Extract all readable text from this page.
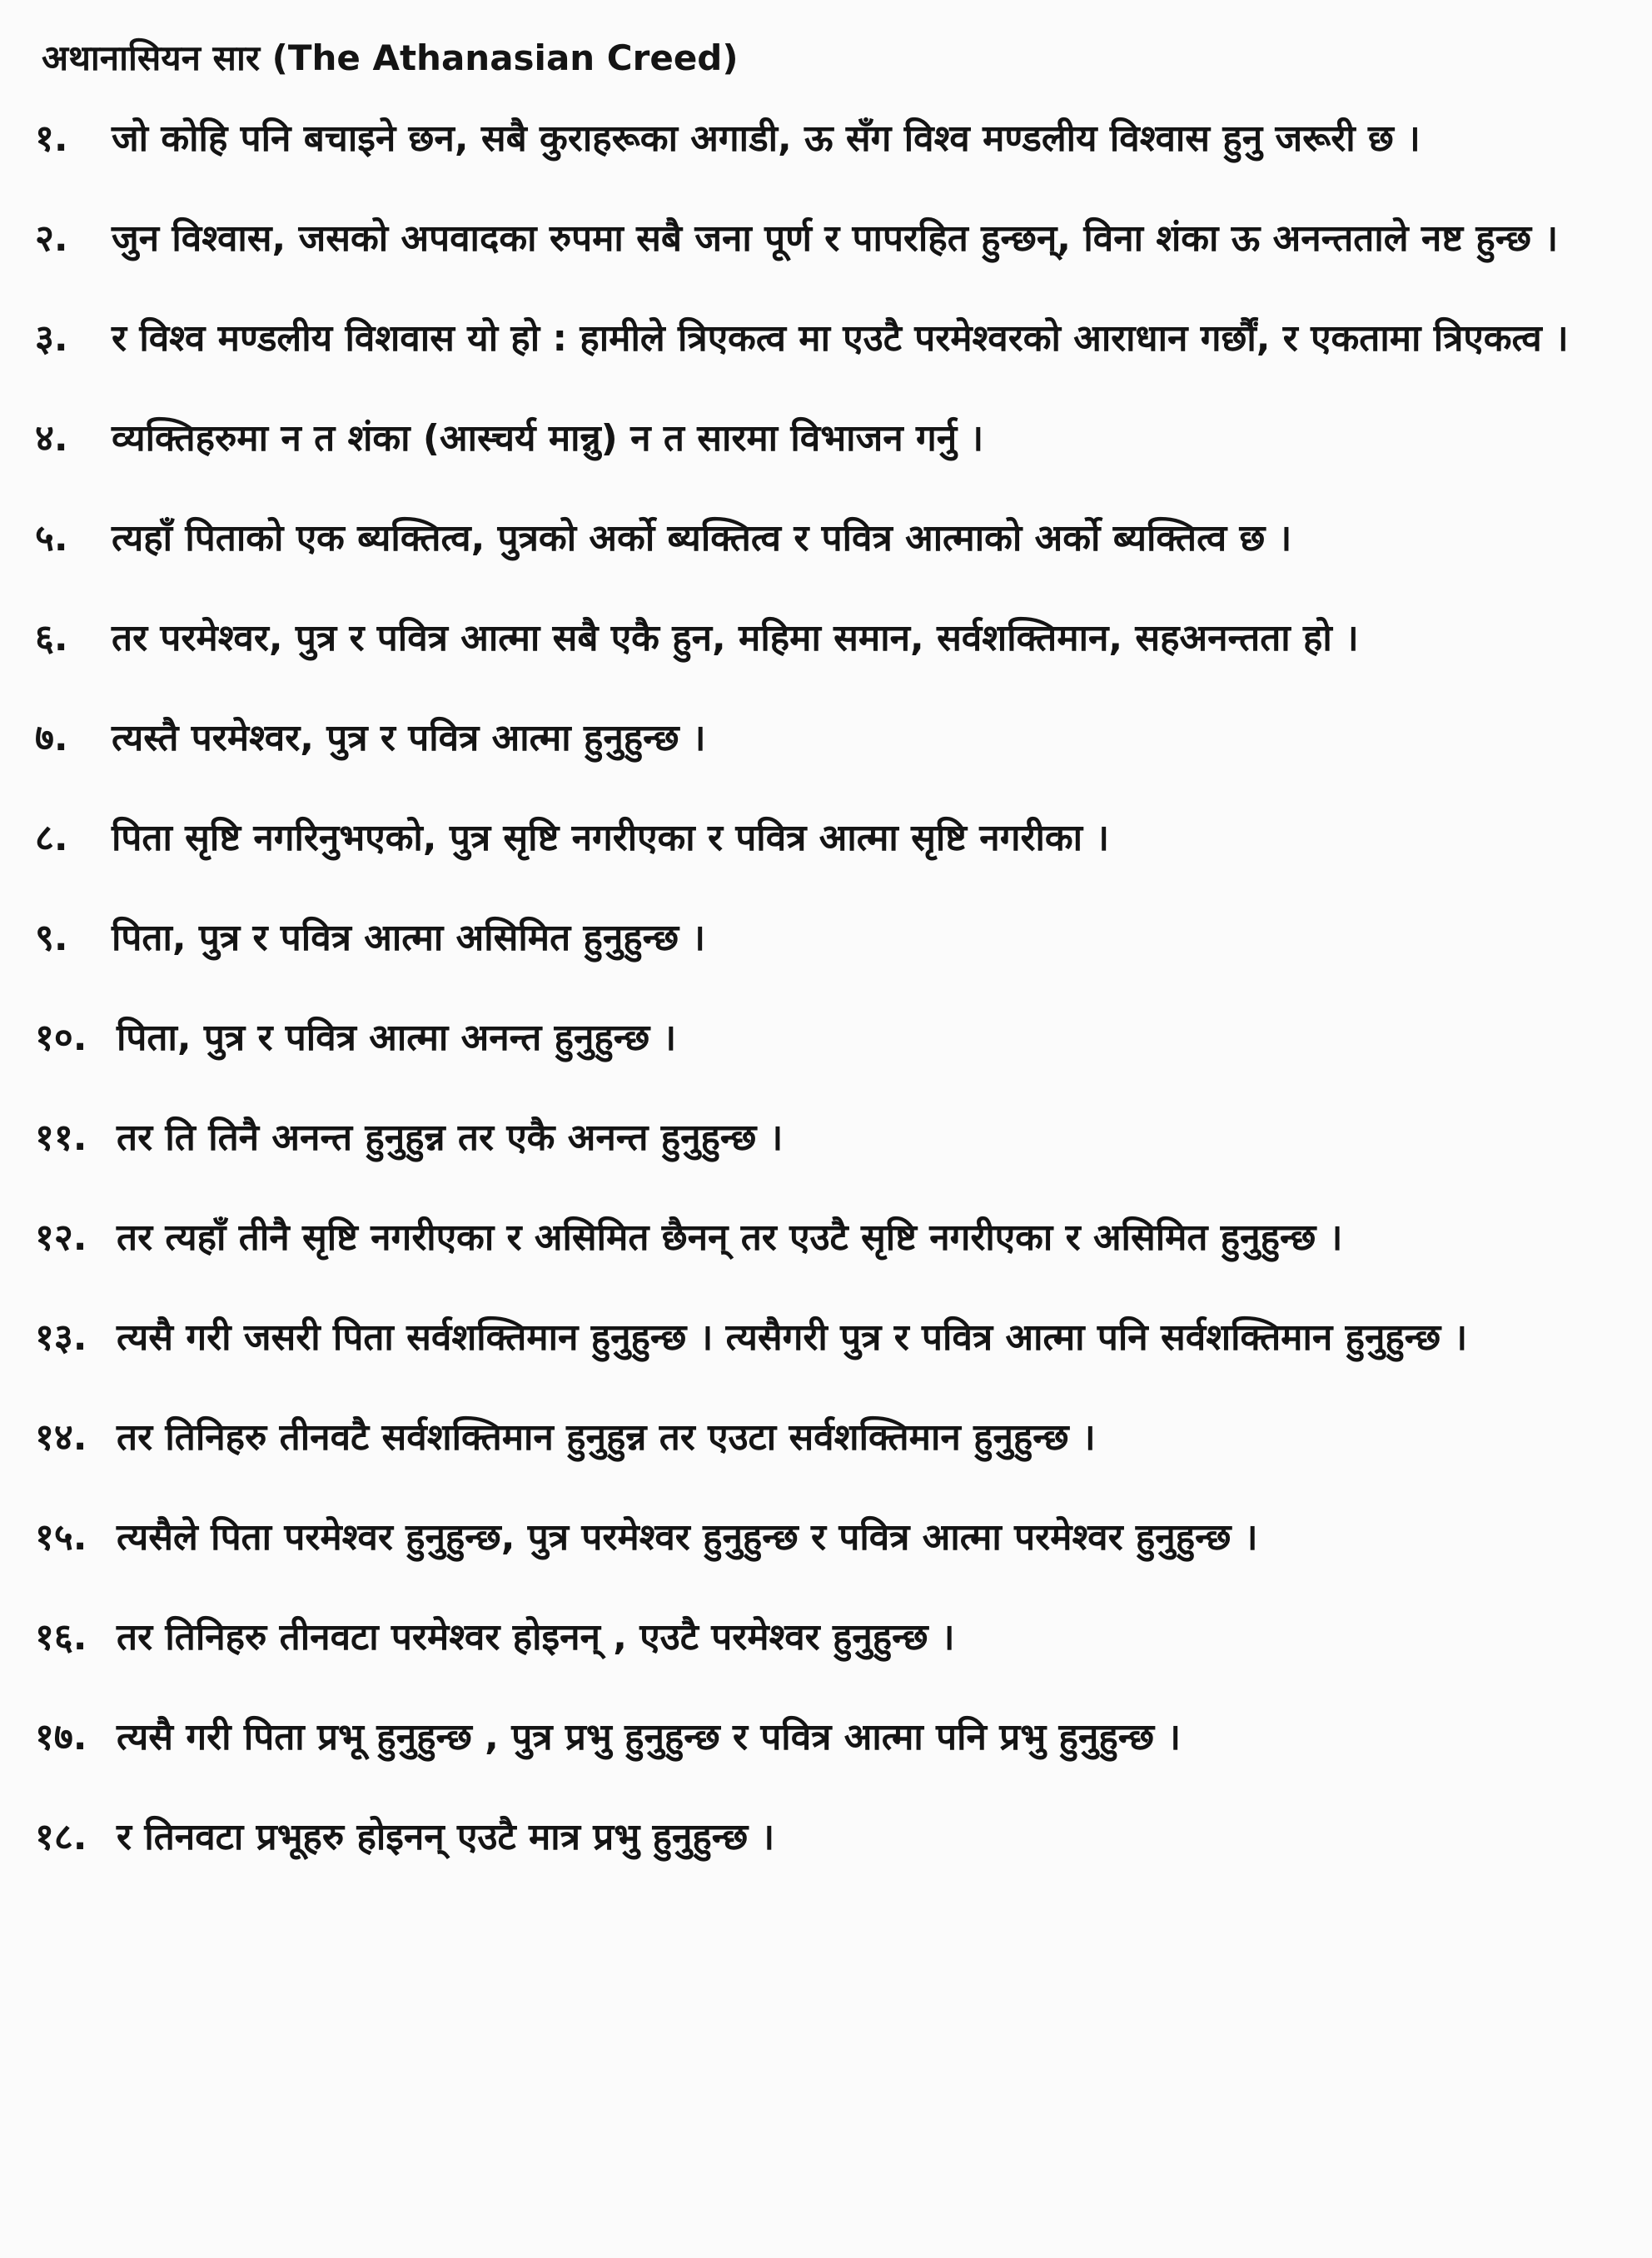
अथानासियन सार (The Athanasian Creed)
१.	जो कोहि पनि बचाइने छन, सबै कुराहरूका अगाडी, ऊ सँग विश्व मण्डलीय विश्वास हुनु जरूरी छ ।
२.	जुन विश्वास, जसको अपवादका रुपमा सबै जना पूर्ण र पापरहित हुन्छन्, विना शंका ऊ अनन्तताले नष्ट हुन्छ ।
३.	र विश्व मण्डलीय विशवास यो हो : हामीले त्रिएकत्व मा एउटै परमेश्वरको आराधान गर्छौं, र एकतामा त्रिएकत्व ।
४.	व्यक्तिहरुमा न त शंका (आस्चर्य मान्नु) न त सारमा विभाजन गर्नु ।
५.	त्यहाँ पिताको एक ब्यक्तित्व, पुत्रको अर्को ब्यक्तित्व र पवित्र आत्माको अर्को ब्यक्तित्व छ ।
६.	तर परमेश्वर, पुत्र र पवित्र आत्मा सबै एकै हुन, महिमा समान, सर्वशक्तिमान, सहअनन्तता हो ।
७.	त्यस्तै परमेश्वर, पुत्र र पवित्र आत्मा हुनुहुन्छ ।
८.	पिता सृष्टि नगरिनुभएको, पुत्र सृष्टि नगरीएका र पवित्र आत्मा सृष्टि नगरीका ।
९.	पिता, पुत्र र पवित्र आत्मा असिमित हुनुहुन्छ ।
१०. पिता, पुत्र र पवित्र आत्मा अनन्त हुनुहुन्छ ।
११. तर ति तिनै अनन्त हुनुहुन्न तर एकै अनन्त हुनुहुन्छ ।
१२. तर त्यहाँ तीनै सृष्टि नगरीएका र असिमित छैनन् तर एउटै सृष्टि नगरीएका र असिमित हुनुहुन्छ ।
१३. त्यसै गरी जसरी पिता सर्वशक्तिमान हुनुहुन्छ । त्यसैगरी पुत्र र पवित्र आत्मा पनि सर्वशक्तिमान हुनुहुन्छ ।
१४. तर तिनिहरु तीनवटै सर्वशक्तिमान हुनुहुन्न तर एउटा सर्वशक्तिमान हुनुहुन्छ ।
१५. त्यसैले पिता परमेश्वर हुनुहुन्छ, पुत्र परमेश्वर हुनुहुन्छ र पवित्र आत्मा परमेश्वर हुनुहुन्छ ।
१६. तर तिनिहरु तीनवटा परमेश्वर होइनन् , एउटै परमेश्वर हुनुहुन्छ ।
१७. त्यसै गरी पिता प्रभू हुनुहुन्छ , पुत्र प्रभु हुनुहुन्छ र पवित्र आत्मा पनि प्रभु हुनुहुन्छ ।
१८. र तिनवटा प्रभूहरु होइनन् एउटै मात्र प्रभु हुनुहुन्छ ।
